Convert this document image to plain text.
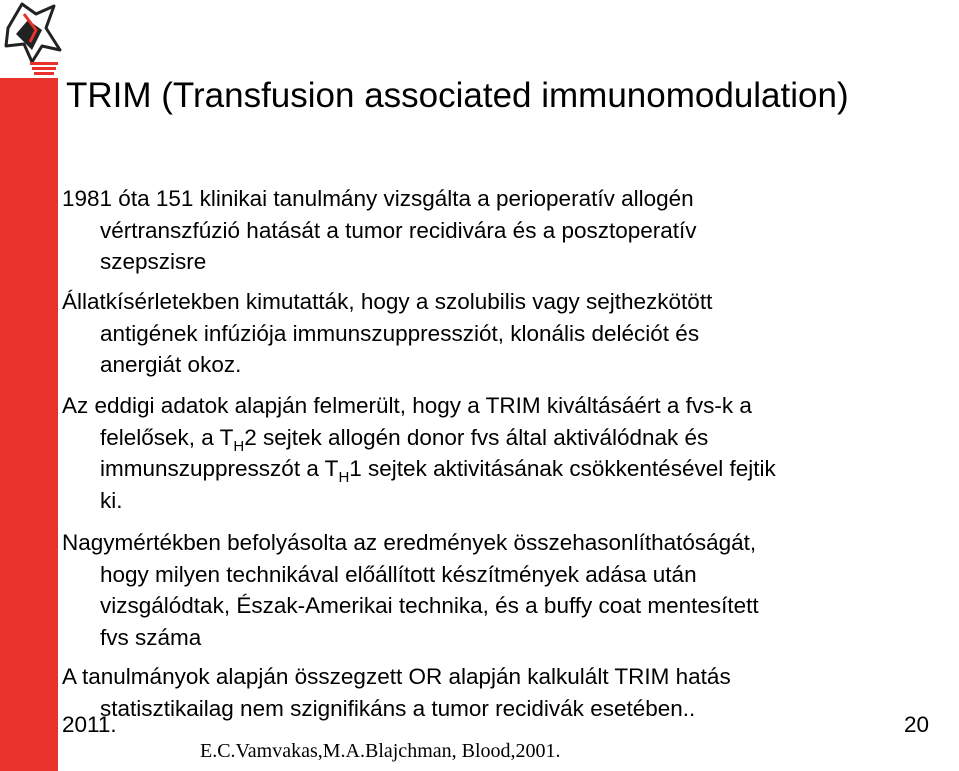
TRIM (Transfusion associated immunomodulation)
1981 óta 151 klinikai tanulmány vizsgálta a perioperatív allogén
vértranszfúzió hatását a tumor recidivára és a posztoperatív
szepszisre
Állatkísérletekben kimutatták, hogy a szolubilis vagy sejthezkötött
antigének infúziója immunszuppressziót, klonális deléciót és
anergiát okoz.
Az eddigi adatok alapján felmerült, hogy a TRIM kiváltásáért a fvs-k a
felelősek, a $T_H2$ sejtek allogén donor fvs által aktiválódnak és
immunszuppresszót a $T_H1$ sejtek aktivitásának csökkentésével fejtik
ki.
Nagymértékben befolyásolta az eredmények összehasonlíthatóságát,
hogy milyen technikával előállított készítmények adása után
vizsgálódtak, Észak-Amerikai technika, és a buffy coat mentesített
fvs száma
A tanulmányok alapján összegzett OR alapján kalkulált TRIM hatás
statisztikailag nem szignifikáns a tumor recidivák esetében..
2011.	20
E.C.Vamvakas,M.A.Blajchman, Blood,2001.
